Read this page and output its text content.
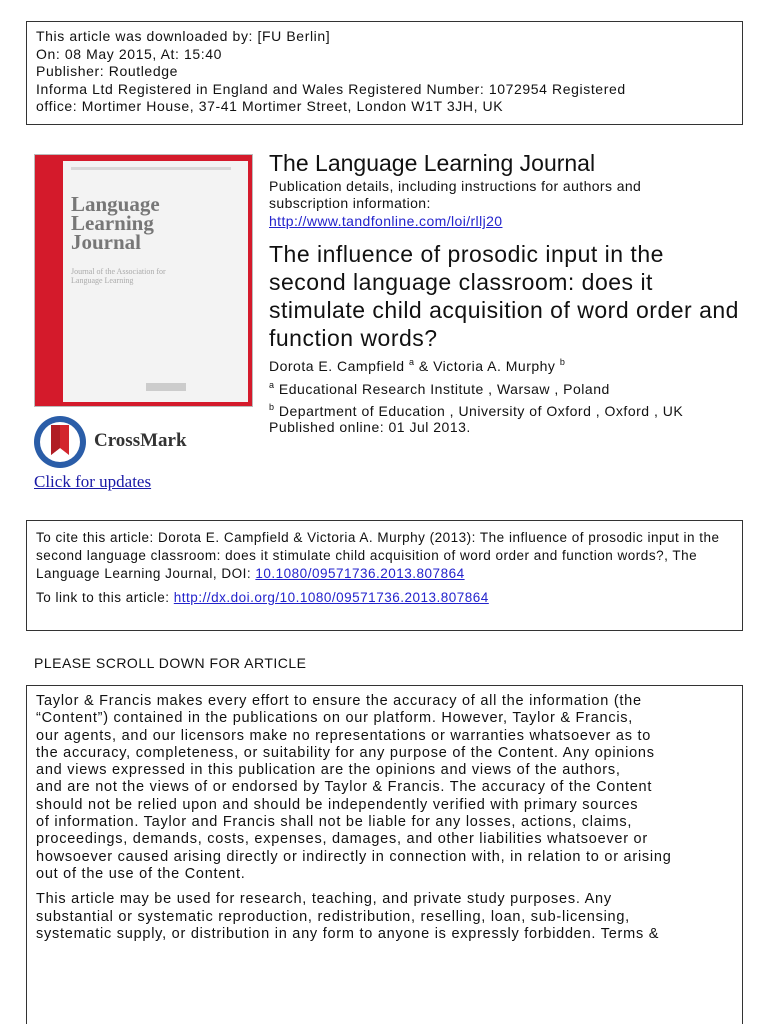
This article was downloaded by: [FU Berlin]
On: 08 May 2015, At: 15:40
Publisher: Routledge
Informa Ltd Registered in England and Wales Registered Number: 1072954 Registered
office: Mortimer House, 37-41 Mortimer Street, London W1T 3JH, UK
Language
Learning
Journal
Journal of the Association for Language Learning
CrossMark
Click for updates
The Language Learning Journal
Publication details, including instructions for authors and subscription information:
http://www.tandfonline.com/loi/rllj20
The influence of prosodic input in the second language classroom: does it stimulate child acquisition of word order and function words?
Dorota E. Campfield $^a$ & Victoria A. Murphy $^b$
$^a$ Educational Research Institute , Warsaw , Poland
$^b$ Department of Education , University of Oxford , Oxford , UK
Published online: 01 Jul 2013.
To cite this article: Dorota E. Campfield & Victoria A. Murphy (2013): The influence of prosodic input in the second language classroom: does it stimulate child acquisition of word order and function words?, The Language Learning Journal, DOI: 10.1080/09571736.2013.807864
To link to this article: http://dx.doi.org/10.1080/09571736.2013.807864
PLEASE SCROLL DOWN FOR ARTICLE
Taylor & Francis makes every effort to ensure the accuracy of all the information (the
“Content”) contained in the publications on our platform. However, Taylor & Francis,
our agents, and our licensors make no representations or warranties whatsoever as to
the accuracy, completeness, or suitability for any purpose of the Content. Any opinions
and views expressed in this publication are the opinions and views of the authors,
and are not the views of or endorsed by Taylor & Francis. The accuracy of the Content
should not be relied upon and should be independently verified with primary sources
of information. Taylor and Francis shall not be liable for any losses, actions, claims,
proceedings, demands, costs, expenses, damages, and other liabilities whatsoever or
howsoever caused arising directly or indirectly in connection with, in relation to or arising
out of the use of the Content.
This article may be used for research, teaching, and private study purposes. Any
substantial or systematic reproduction, redistribution, reselling, loan, sub-licensing,
systematic supply, or distribution in any form to anyone is expressly forbidden. Terms &
